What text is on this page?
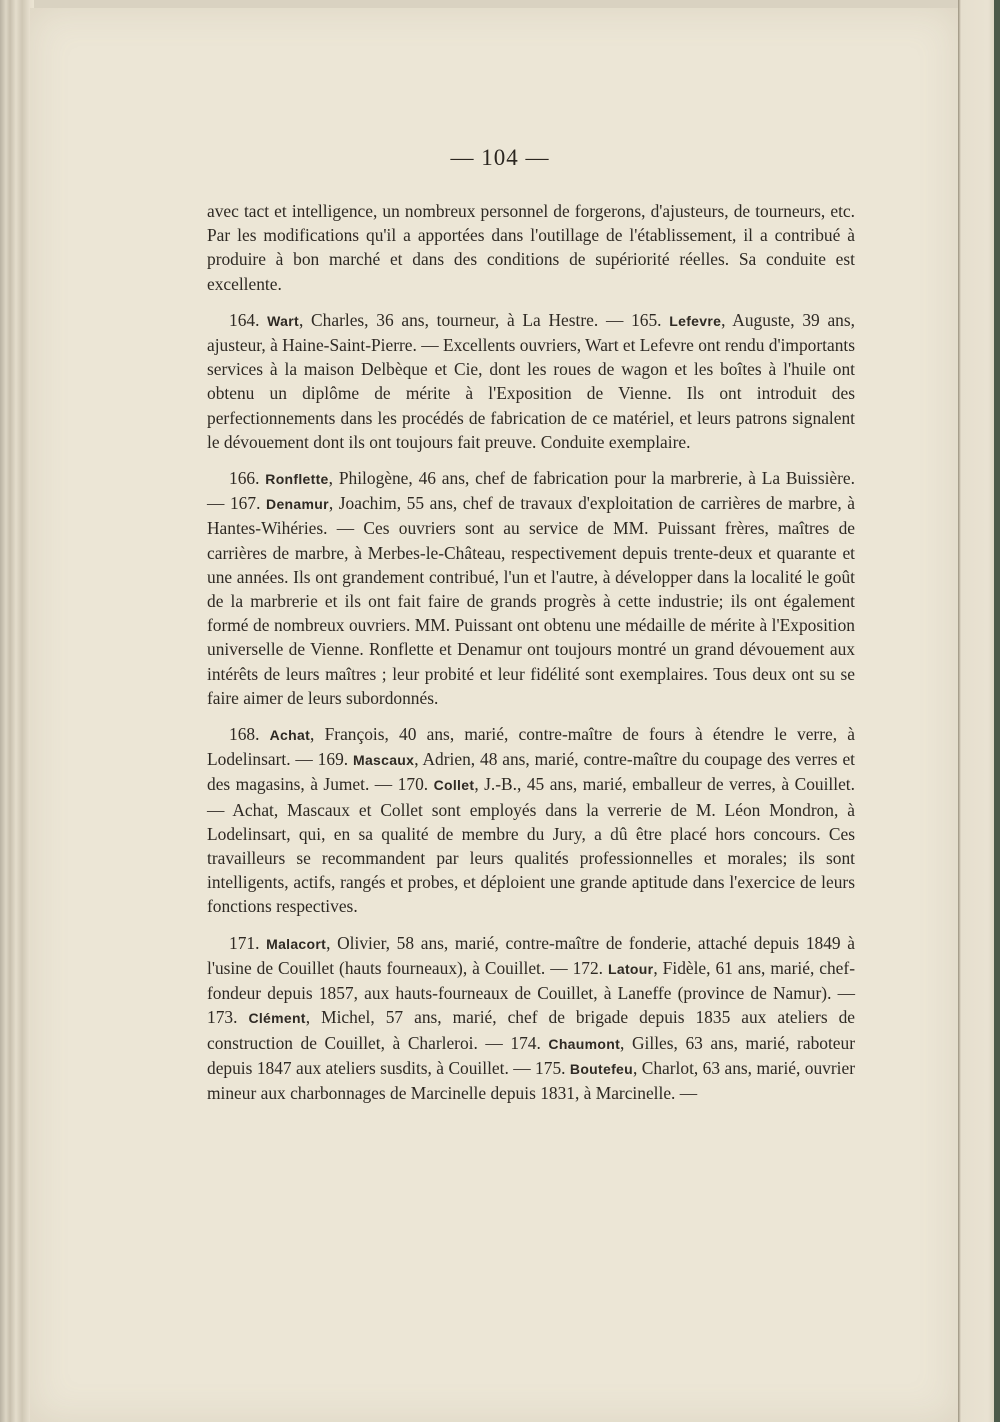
— 104 —

avec tact et intelligence, un nombreux personnel de forgerons, d'ajusteurs, de tourneurs, etc. Par les modifications qu'il a apportées dans l'outillage de l'établissement, il a contribué à produire à bon marché et dans des conditions de supériorité réelles. Sa conduite est excellente.

164. Wart, Charles, 36 ans, tourneur, à La Hestre. — 165. Lefevre, Auguste, 39 ans, ajusteur, à Haine-Saint-Pierre. — Excellents ouvriers, Wart et Lefevre ont rendu d'importants services à la maison Delbèque et Cie, dont les roues de wagon et les boîtes à l'huile ont obtenu un diplôme de mérite à l'Exposition de Vienne. Ils ont introduit des perfectionnements dans les procédés de fabrication de ce matériel, et leurs patrons signalent le dévouement dont ils ont toujours fait preuve. Conduite exemplaire.

166. Ronflette, Philogène, 46 ans, chef de fabrication pour la marbrerie, à La Buissière. — 167. Denamur, Joachim, 55 ans, chef de travaux d'exploitation de carrières de marbre, à Hantes-Wihéries. — Ces ouvriers sont au service de MM. Puissant frères, maîtres de carrières de marbre, à Merbes-le-Château, respectivement depuis trente-deux et quarante et une années. Ils ont grandement contribué, l'un et l'autre, à développer dans la localité le goût de la marbrerie et ils ont fait faire de grands progrès à cette industrie; ils ont également formé de nombreux ouvriers. MM. Puissant ont obtenu une médaille de mérite à l'Exposition universelle de Vienne. Ronflette et Denamur ont toujours montré un grand dévouement aux intérêts de leurs maîtres ; leur probité et leur fidélité sont exemplaires. Tous deux ont su se faire aimer de leurs subordonnés.

168. Achat, François, 40 ans, marié, contre-maître de fours à étendre le verre, à Lodelinsart. — 169. Mascaux, Adrien, 48 ans, marié, contre-maître du coupage des verres et des magasins, à Jumet. — 170. Collet, J.-B., 45 ans, marié, emballeur de verres, à Couillet.— Achat, Mascaux et Collet sont employés dans la verrerie de M. Léon Mondron, à Lodelinsart, qui, en sa qualité de membre du Jury, a dû être placé hors concours. Ces travailleurs se recommandent par leurs qualités professionnelles et morales; ils sont intelligents, actifs, rangés et probes, et déploient une grande aptitude dans l'exercice de leurs fonctions respectives.

171. Malacort, Olivier, 58 ans, marié, contre-maître de fonderie, attaché depuis 1849 à l'usine de Couillet (hauts fourneaux), à Couillet. — 172. Latour, Fidèle, 61 ans, marié, chef-fondeur depuis 1857, aux hauts-fourneaux de Couillet, à Laneffe (province de Namur). — 173. Clément, Michel, 57 ans, marié, chef de brigade depuis 1835 aux ateliers de construction de Couillet, à Charleroi. — 174. Chaumont, Gilles, 63 ans, marié, raboteur depuis 1847 aux ateliers susdits, à Couillet. — 175. Boutefeu, Charlot, 63 ans, marié, ouvrier mineur aux charbonnages de Marcinelle depuis 1831, à Marcinelle. —
